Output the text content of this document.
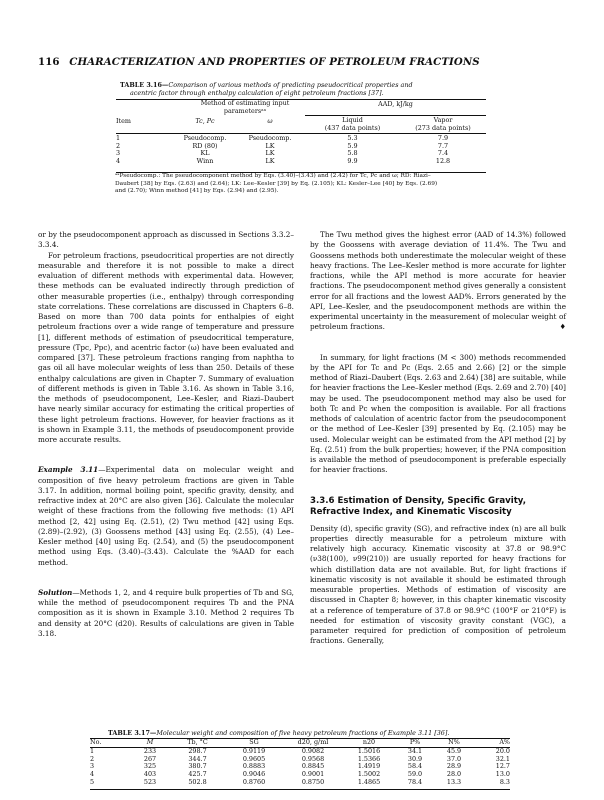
116 CHARACTERIZATION AND PROPERTIES OF PETROLEUM FRACTIONS
TABLE 3.16—Comparison of various methods of predicting pseudocritical properties and
acentric factor through enthalpy calculation of eight petroleum fractions [37].
Method of estimating input
parametersᵃᵃ
AAD, kJ/kg
Item	Tc, Pc	ω	Liquid
(437 data points)
Vapor
(273 data points)
1	Pseudocomp.	Pseudocomp.	5.3	7.9
2	RD (80)	LK	5.9	7.7
3	KL	LK	5.8	7.4
4	Winn	LK	9.9	12.8
ᵃᵃPseudocomp.: The pseudocomponent method by Eqs. (3.40)–(3.43) and (2.42) for Tc, Pc and ω; RD: Riazi–
Daubert [38] by Eqs. (2.63) and (2.64); LK: Lee–Kesler [39] by Eq. (2.105); KL: Kesler–Lee [40] by Eqs. (2.69)
and (2.70); Winn method [41] by Eqs. (2.94) and (2.95).

or by the pseudocomponent approach as discussed in Sections 3.3.2–3.3.4.

For petroleum fractions, pseudocritical properties are not directly measurable and therefore it is not possible to make a direct evaluation of different methods with experimental data. However, these methods can be evaluated indirectly through prediction of other measurable properties (i.e., enthalpy) through corresponding state correlations. These correlations are discussed in Chapters 6–8. Based on more than 700 data points for enthalpies of eight petroleum fractions over a wide range of temperature and pressure [1], different methods of estimation of pseudocritical temperature, pressure (Tpc, Ppc), and acentric factor (ω) have been evaluated and compared [37]. These petroleum fractions ranging from naphtha to gas oil all have molecular weights of less than 250. Details of these enthalpy calculations are given in Chapter 7. Summary of evaluation of different methods is given in Table 3.16. As shown in Table 3.16, the methods of pseudocomponent, Lee–Kesler, and Riazi–Daubert have nearly similar accuracy for estimating the critical properties of these light petroleum fractions. However, for heavier fractions as it is shown in Example 3.11, the methods of pseudocomponent provide more accurate results.

Example 3.11—Experimental data on molecular weight and composition of five heavy petroleum fractions are given in Table 3.17. In addition, normal boiling point, specific gravity, density, and refractive index at 20°C are also given [36]. Calculate the molecular weight of these fractions from the following five methods: (1) API method [2, 42] using Eq. (2.51), (2) Twu method [42] using Eqs. (2.89)–(2.92), (3) Goossens method [43] using Eq. (2.55), (4) Lee–Kesler method [40] using Eq. (2.54), and (5) the pseudocomponent method using Eqs. (3.40)–(3.43). Calculate the %AAD for each method.

Solution—Methods 1, 2, and 4 require bulk properties of Tb and SG, while the method of pseudocomponent requires Tb and the PNA composition as it is shown in Example 3.10. Method 2 requires Tb and density at 20°C (d20). Results of calculations are given in Table 3.18.

The Twu method gives the highest error (AAD of 14.3%) followed by the Goossens with average deviation of 11.4%. The Twu and Goossens methods both underestimate the molecular weight of these heavy fractions. The Lee–Kesler method is more accurate for lighter fractions, while the API method is more accurate for heavier fractions. The pseudocomponent method gives generally a consistent error for all fractions and the lowest AAD%. Errors generated by the API, Lee–Kesler, and the pseudocomponent methods are within the experimental uncertainty in the measurement of molecular weight of petroleum fractions.	♦

In summary, for light fractions (M < 300) methods recommended by the API for Tc and Pc (Eqs. 2.65 and 2.66) [2] or the simple method of Riazi–Daubert (Eqs. 2.63 and 2.64) [38] are suitable, while for heavier fractions the Lee–Kesler method (Eqs. 2.69 and 2.70) [40] may be used. The pseudocomponent method may also be used for both Tc and Pc when the composition is available. For all fractions methods of calculation of acentric factor from the pseudocomponent or the method of Lee–Kesler [39] presented by Eq. (2.105) may be used. Molecular weight can be estimated from the API method [2] by Eq. (2.51) from the bulk properties; however, if the PNA composition is available the method of pseudocomponent is preferable especially for heavier fractions.

3.3.6 Estimation of Density, Specific Gravity,
Refractive Index, and Kinematic Viscosity

Density (d), specific gravity (SG), and refractive index (n) are all bulk properties directly measurable for a petroleum mixture with relatively high accuracy. Kinematic viscosity at 37.8 or 98.9°C (ν38(100), ν99(210)) are usually reported for heavy fractions for which distillation data are not available. But, for light fractions if kinematic viscosity is not available it should be estimated through measurable properties. Methods of estimation of viscosity are discussed in Chapter 8; however, in this chapter kinematic viscosity at a reference of temperature of 37.8 or 98.9°C (100°F or 210°F) is needed for estimation of viscosity gravity constant (VGC), a parameter required for prediction of composition of petroleum fractions. Generally,

TABLE 3.17—Molecular weight and composition of five heavy petroleum fractions of Example 3.11 [36].
No.	M	Tb, °C	SG	d20, g/ml	n20	P%	N%	A%

1	233	298.7	0.9119	0.9082	1.5016	34.1	45.9	20.0
2	267	344.7	0.9605	0.9568	1.5366	30.9	37.0	32.1
3	325	380.7	0.8883	0.8845	1.4919	58.4	28.9	12.7
4	403	425.7	0.9046	0.9001	1.5002	59.0	28.0	13.0
5	523	502.8	0.8760	0.8750	1.4865	78.4	13.3	8.3
